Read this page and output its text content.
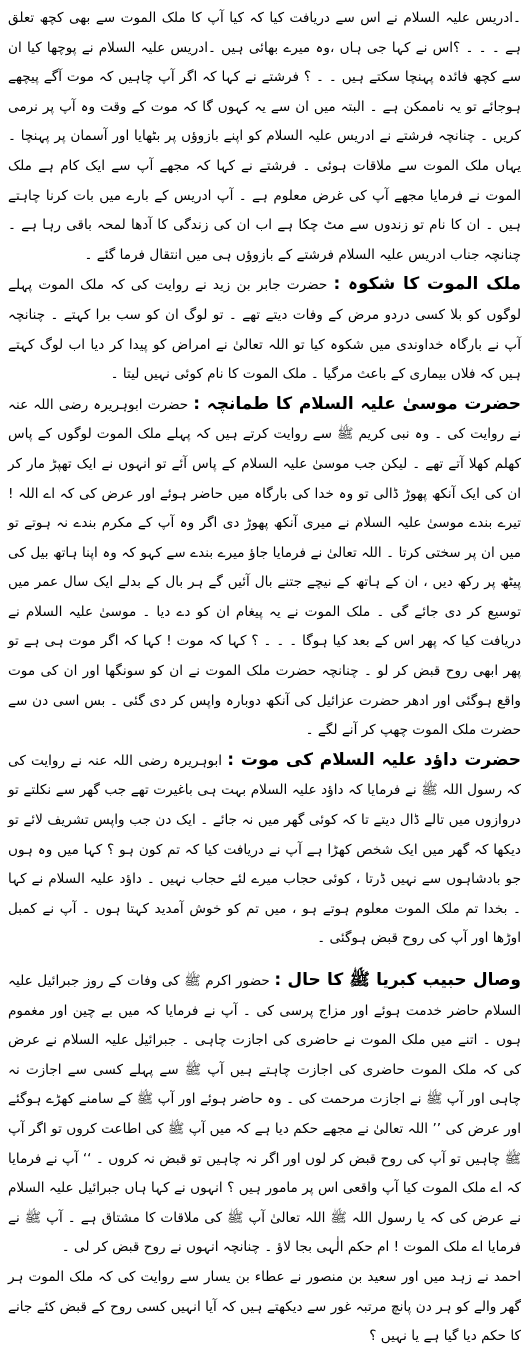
۔ادریس علیہ السلام نے اس سے دریافت کیا کہ کیا آپ کا ملک الموت سے بھی کچھ تعلق ہے ۔ ۔ ۔ ؟اس نے کہا جی ہاں ،وہ میرے بھائی ہیں ۔ادریس علیہ السلام نے پوچھا کیا ان سے کچھ فائدہ پہنچا سکتے ہیں ۔ ۔ ؟ فرشتے نے کہا کہ اگر آپ چاہیں کہ موت آگے پیچھے ہوجائے تو یہ ناممکن ہے ۔ البتہ میں ان سے یہ کہوں گا کہ موت کے وقت وہ آپ پر نرمی کریں ۔ چنانچہ فرشتے نے ادریس علیہ السلام کو اپنے بازوؤں پر بٹھایا اور آسمان پر پہنچا ۔ یہاں ملک الموت سے ملاقات ہوئی ۔ فرشتے نے کہا کہ مجھے آپ سے ایک کام ہے ملک الموت نے فرمایا مجھے آپ کی غرض معلوم ہے ۔ آپ ادریس کے بارے میں بات کرنا چاہتے ہیں ۔ ان کا نام تو زندوں سے مٹ چکا ہے اب ان کی زندگی کا آدھا لمحہ باقی رہا ہے ۔ چنانچہ جناب ادریس علیہ السلام فرشتے کے بازوؤں ہی میں انتقال فرما گئے ۔

ملک الموت کا شکوہ : حضرت جابر بن زید نے روایت کی کہ ملک الموت پہلے لوگوں کو بلا کسی دردو مرض کے وفات دیتے تھے ۔ تو لوگ ان کو سب برا کہتے ۔ چنانچہ آپ نے بارگاہ خداوندی میں شکوہ کیا تو اللہ تعالیٰ نے امراض کو پیدا کر دیا اب لوگ کہتے ہیں کہ فلاں بیماری کے باعث مرگیا ۔ ملک الموت کا نام کوئی نہیں لیتا ۔

حضرت موسیٰ علیہ السلام کا طمانچہ : حضرت ابوہریرہ رضی اللہ عنہ نے روایت کی ۔ وہ نبی کریم ﷺ سے روایت کرتے ہیں کہ پہلے ملک الموت لوگوں کے پاس کھلم کھلا آتے تھے ۔ لیکن جب موسیٰ علیہ السلام کے پاس آئے تو انہوں نے ایک تھپڑ مار کر ان کی ایک آنکھ پھوڑ ڈالی تو وہ خدا کی بارگاہ میں حاضر ہوئے اور عرض کی کہ اے اللہ ! تیرے بندے موسیٰ علیہ السلام نے میری آنکھ پھوڑ دی اگر وہ آپ کے مکرم بندے نہ ہوتے تو میں ان پر سختی کرتا ۔ اللہ تعالیٰ نے فرمایا جاؤ میرے بندے سے کہو کہ وہ اپنا ہاتھ بیل کی پیٹھ پر رکھ دیں ، ان کے ہاتھ کے نیچے جتنے بال آئیں گے ہر بال کے بدلے ایک سال عمر میں توسیع کر دی جائے گی ۔ ملک الموت نے یہ پیغام ان کو دے دیا ۔ موسیٰ علیہ السلام نے دریافت کیا کہ پھر اس کے بعد کیا ہوگا ۔ ۔ ۔ ؟ کہا کہ موت ! کہا کہ اگر موت ہی ہے تو پھر ابھی روح قبض کر لو ۔ چنانچہ حضرت ملک الموت نے ان کو سونگھا اور ان کی موت واقع ہوگئی اور ادھر حضرت عزائیل کی آنکھ دوبارہ واپس کر دی گئی ۔ بس اسی دن سے حضرت ملک الموت چھپ کر آنے لگے ۔

حضرت داؤد علیہ السلام کی موت : ابوہریرہ رضی اللہ عنہ نے روایت کی کہ رسول اللہ ﷺ نے فرمایا کہ داؤد علیہ السلام بہت ہی باغیرت تھے جب گھر سے نکلتے تو دروازوں میں تالے ڈال دیتے تا کہ کوئی گھر میں نہ جائے ۔ ایک دن جب واپس تشریف لائے تو دیکھا کہ گھر میں ایک شخص کھڑا ہے آپ نے دریافت کیا کہ تم کون ہو ؟ کہا میں وہ ہوں جو بادشاہوں سے نہیں ڈرتا ، کوئی حجاب میرے لئے حجاب نہیں ۔ داؤد علیہ السلام نے کہا ۔ بخدا تم ملک الموت معلوم ہوتے ہو ، میں تم کو خوش آمدید کہتا ہوں ۔ آپ نے کمبل اوڑھا اور آپ کی روح قبض ہوگئی ۔

وصال حبیب کبریا ﷺ کا حال : حضور اکرم ﷺ کی وفات کے روز جبرائیل علیہ السلام حاضر خدمت ہوئے اور مزاج پرسی کی ۔ آپ نے فرمایا کہ میں بے چین اور مغموم ہوں ۔ اتنے میں ملک الموت نے حاضری کی اجازت چاہی ۔ جبرائیل علیہ السلام نے عرض کی کہ ملک الموت حاضری کی اجازت چاہتے ہیں آپ ﷺ سے پہلے کسی سے اجازت نہ چاہی اور آپ ﷺ نے اجازت مرحمت کی ۔ وہ حاضر ہوئے اور آپ ﷺ کے سامنے کھڑے ہوگئے اور عرض کی ’’ اللہ تعالیٰ نے مجھے حکم دیا ہے کہ میں آپ ﷺ کی اطاعت کروں تو اگر آپ ﷺ چاہیں تو آپ کی روح قبض کر لوں اور اگر نہ چاہیں تو قبض نہ کروں ۔ ‘‘ آپ نے فرمایا کہ اے ملک الموت کیا آپ واقعی اس پر مامور ہیں ؟ انہوں نے کہا ہاں جبرائیل علیہ السلام نے عرض کی کہ یا رسول اللہ ﷺ اللہ تعالیٰ آپ ﷺ کی ملاقات کا مشتاق ہے ۔ آپ ﷺ نے فرمایا اے ملک الموت ! ام حکم الٰہی بجا لاؤ ۔ چنانچہ انہوں نے روح قبض کر لی ۔

احمد نے زہد میں اور سعید بن منصور نے عطاء بن یسار سے روایت کی کہ ملک الموت ہر گھر والے کو ہر دن پانچ مرتبہ غور سے دیکھتے ہیں کہ آیا انہیں کسی روح کے قبض کئے جانے کا حکم دیا گیا ہے یا نہیں ؟
